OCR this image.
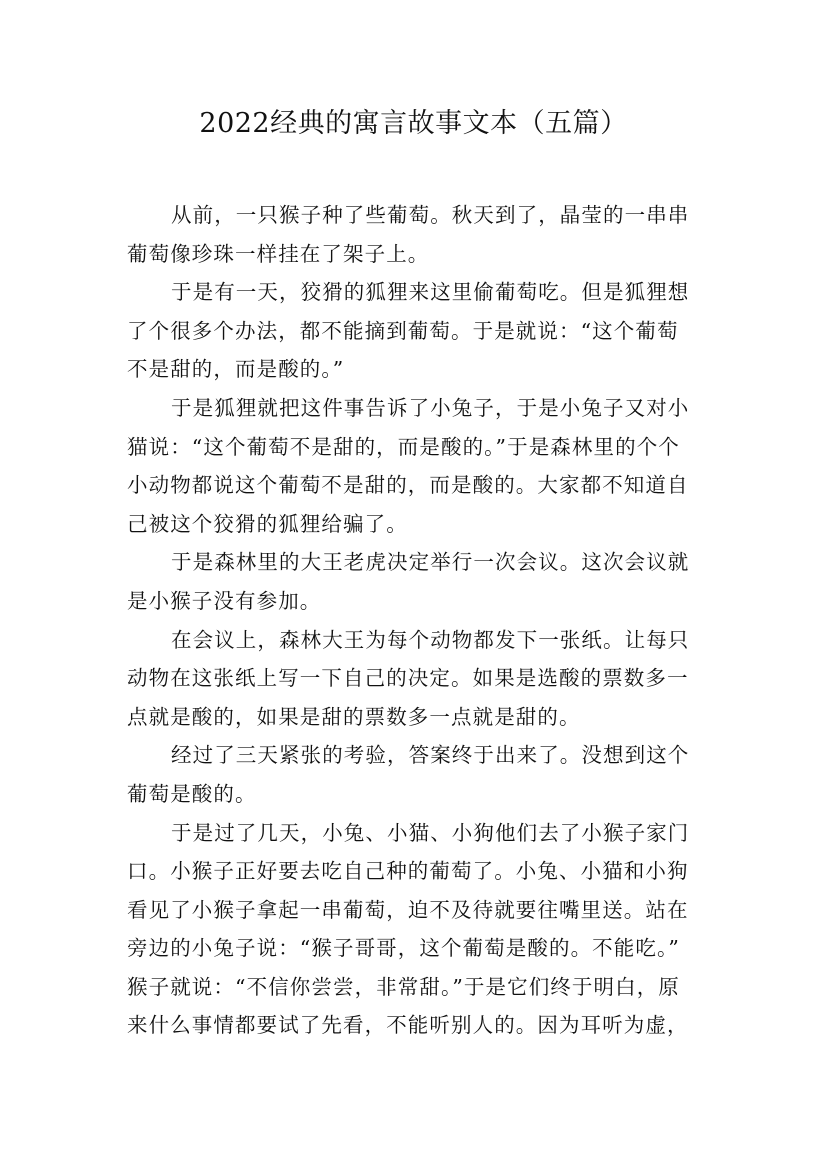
2022经典的寓言故事文本（五篇）
从前，一只猴子种了些葡萄。秋天到了，晶莹的一串串
葡萄像珍珠一样挂在了架子上。
于是有一天，狡猾的狐狸来这里偷葡萄吃。但是狐狸想
了个很多个办法，都不能摘到葡萄。于是就说：“这个葡萄
不是甜的，而是酸的。”
于是狐狸就把这件事告诉了小兔子，于是小兔子又对小
猫说：“这个葡萄不是甜的，而是酸的。”于是森林里的个个
小动物都说这个葡萄不是甜的，而是酸的。大家都不知道自
己被这个狡猾的狐狸给骗了。
于是森林里的大王老虎决定举行一次会议。这次会议就
是小猴子没有参加。
在会议上，森林大王为每个动物都发下一张纸。让每只
动物在这张纸上写一下自己的决定。如果是选酸的票数多一
点就是酸的，如果是甜的票数多一点就是甜的。
经过了三天紧张的考验，答案终于出来了。没想到这个
葡萄是酸的。
于是过了几天，小兔、小猫、小狗他们去了小猴子家门
口。小猴子正好要去吃自己种的葡萄了。小兔、小猫和小狗
看见了小猴子拿起一串葡萄，迫不及待就要往嘴里送。站在
旁边的小兔子说：“猴子哥哥，这个葡萄是酸的。不能吃。”
猴子就说：“不信你尝尝，非常甜。”于是它们终于明白，原
来什么事情都要试了先看，不能听别人的。因为耳听为虚，
